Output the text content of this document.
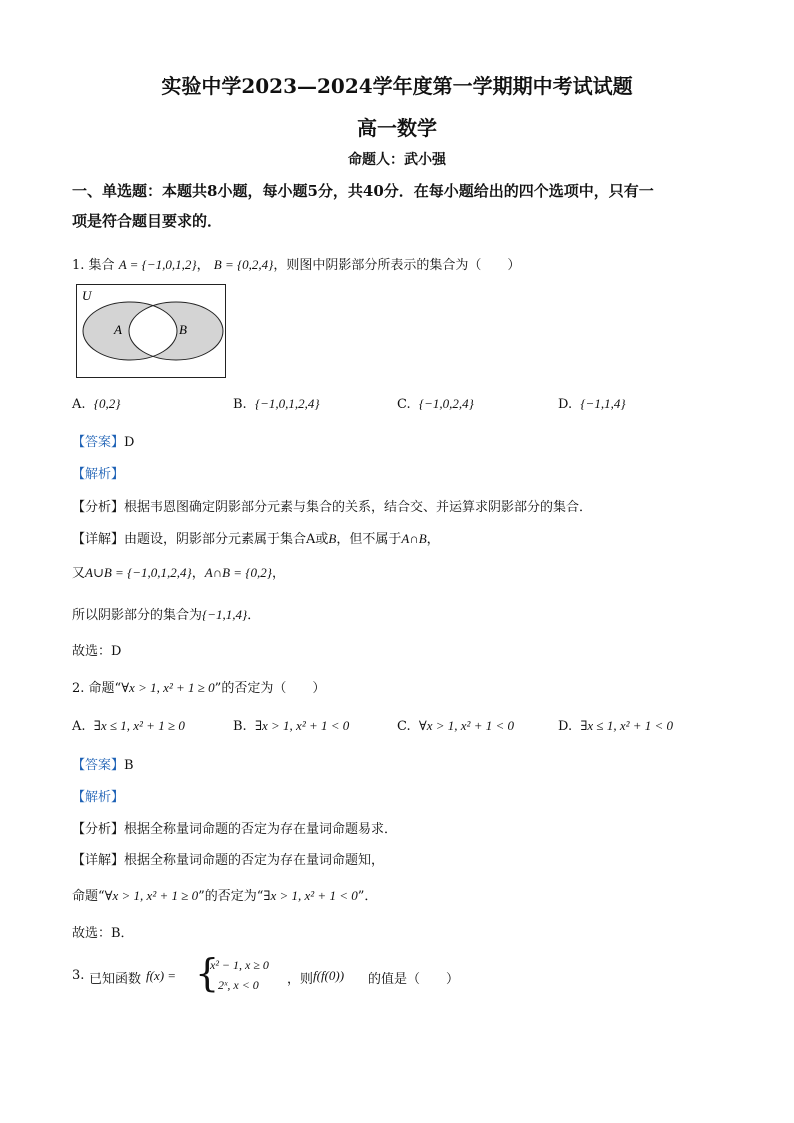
实验中学2023—2024学年度第一学期期中考试试题
高一数学
命题人：武小强
一、单选题：本题共8小题，每小题5分，共40分．在每小题给出的四个选项中，只有一
项是符合题目要求的．
1. 集合 A = {−1,0,1,2}， B = {0,2,4}，则图中阴影部分所表示的集合为（　　）
U
A	B
A. {0,2}	B. {−1,0,1,2,4}	C. {−1,0,2,4}	D. {−1,1,4}
【答案】D
【解析】
【分析】根据韦恩图确定阴影部分元素与集合的关系，结合交、并运算求阴影部分的集合．
【详解】由题设，阴影部分元素属于集合A或B，但不属于A∩B，
又A∪B = {−1,0,1,2,4}，A∩B = {0,2}，
所以阴影部分的集合为{−1,1,4}．
故选：D
2. 命题“∀x > 1, x² + 1 ≥ 0”的否定为（　　）
A. ∃x ≤ 1, x² + 1 ≥ 0	B. ∃x > 1, x² + 1 < 0	C. ∀x > 1, x² + 1 < 0	D. ∃x ≤ 1, x² + 1 < 0
【答案】B
【解析】
【分析】根据全称量词命题的否定为存在量词命题易求．
【详解】根据全称量词命题的否定为存在量词命题知，
命题“∀x > 1, x² + 1 ≥ 0”的否定为“∃x > 1, x² + 1 < 0”．
故选：B．
3. 已知函数 f(x) = {
x² − 1, x ≥ 0
2ˣ, x < 0	，则 f(f(0)) 的值是（　　）
